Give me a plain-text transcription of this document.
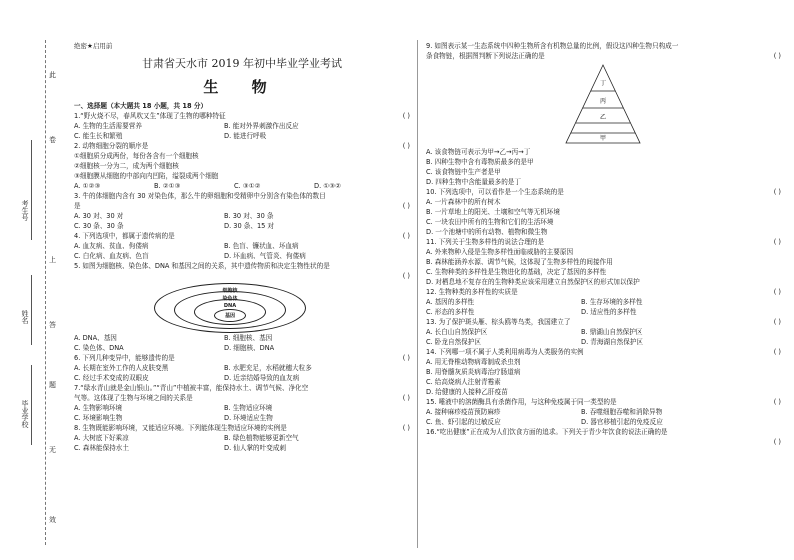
考生号
姓名
毕业学校
此
卷
上
答
题
无
效
绝密★启用前
甘肃省天水市 2019 年初中毕业学业考试
生 物
一、选择题（本大题共 18 小题，共 18 分）
1.“野火烧不尽，春风吹又生”体现了生物的哪种特征	( )
A. 生物的生活需要营养	B. 能对外界刺激作出反应
C. 能生长和繁殖	D. 能进行呼吸
2. 动物细胞分裂的顺序是	( )
①细胞质分成两份，每份各含有一个细胞核
②细胞核一分为二，成为两个细胞核
③细胞膜从细胞的中部向内凹陷，缢裂成两个细胞
A. ①②③	B. ②①③	C. ③①②	D. ①③②
3. 牛的体细胞内含有 30 对染色体，那么牛的卵细胞和受精卵中分别含有染色体的数目
是	( )
A. 30 对、30 对	B. 30 对、30 条
C. 30 条、30 条	D. 30 条、15 对
4. 下列选项中，都属于遗传病的是	( )
A. 血友病、贫血、佝偻病	B. 色盲、镰状血、坏血病
C. 白化病、血友病、色盲	D. 坏血病、气管炎、佝偻病
5. 如图为细胞核、染色体、DNA 和基因之间的关系，其中遗传物质和决定生物性状的是
( )
细胞核
染色体
DNA
基因
A. DNA、基因	B. 细胞核、基因
C. 染色体、DNA	D. 细胞核、DNA
6. 下列几种变异中，能够遗传的是	( )
A. 长期在室外工作的人皮肤变黑	B. 水肥充足，水稻就穗大粒多
C. 经过手术变成的双眼皮	D. 近亲结婚导致的血友病
7.“绿水青山就是金山银山。”“青山”中植被丰富，能保持水土、调节气候、净化空
气等。这体现了生物与环境之间的关系是	( )
A. 生物影响环境	B. 生物适应环境
C. 环境影响生物	D. 环境适应生物
8. 生物既能影响环境，又能适应环境。下列能体现生物适应环境的实例是	( )
A. 大树底下好乘凉	B. 绿色植物能够更新空气
C. 森林能保持水土	D. 仙人掌的叶变成刺
9. 如图表示某一生态系统中四种生物所含有机物总量的比例，假设这四种生物只构成一
条食物链，根据图判断下列说法正确的是	( )
丁
丙
乙
甲
A. 该食物链可表示为甲→乙→丙→丁
B. 四种生物中含有毒物质最多的是甲
C. 该食物链中生产者是甲
D. 四种生物中含能量最多的是丁
10. 下列选项中，可以看作是一个生态系统的是	( )
A. 一片森林中的所有树木
B. 一片草地上的阳光、土壤和空气等无机环境
C. 一块农田中所有的生物和它们的生活环境
D. 一个池塘中的所有动物、植物和微生物
11. 下列关于生物多样性的说法合理的是	( )
A. 外来物种入侵是生物多样性面临威胁的主要原因
B. 森林能涵养水源、调节气候，这体现了生物多样性的间接作用
C. 生物种类的多样性是生物进化的基础，决定了基因的多样性
D. 对栖息地不复存在的生物种类应该采用建立自然保护区的形式加以保护
12. 生物种类的多样性的实质是	( )
A. 基因的多样性	B. 生存环境的多样性
C. 形态的多样性	D. 适应性的多样性
13. 为了保护斑头雁、棕头鸥等鸟类，我国建立了	( )
A. 长白山自然保护区	B. 鼎湖山自然保护区
C. 卧龙自然保护区	D. 青海湖自然保护区
14. 下列哪一项不属于人类利用病毒为人类服务的实例	( )
A. 用无脊椎动物病毒制成杀虫剂
B. 用脊髓灰质炎病毒治疗肠道病
C. 给高烧病人注射青霉素
D. 给健康的人接种乙肝疫苗
15. 唾液中的溶菌酶具有杀菌作用，与这种免疫属于同一类型的是	( )
A. 接种麻疹疫苗预防麻疹	B. 吞噬细胞吞噬和消除异物
C. 鱼、虾引起的过敏反应	D. 器官移植引起的免疫反应
16.“吃出健康”正在成为人们饮食方面的追求。下列关于青少年饮食的说法正确的是
( )
